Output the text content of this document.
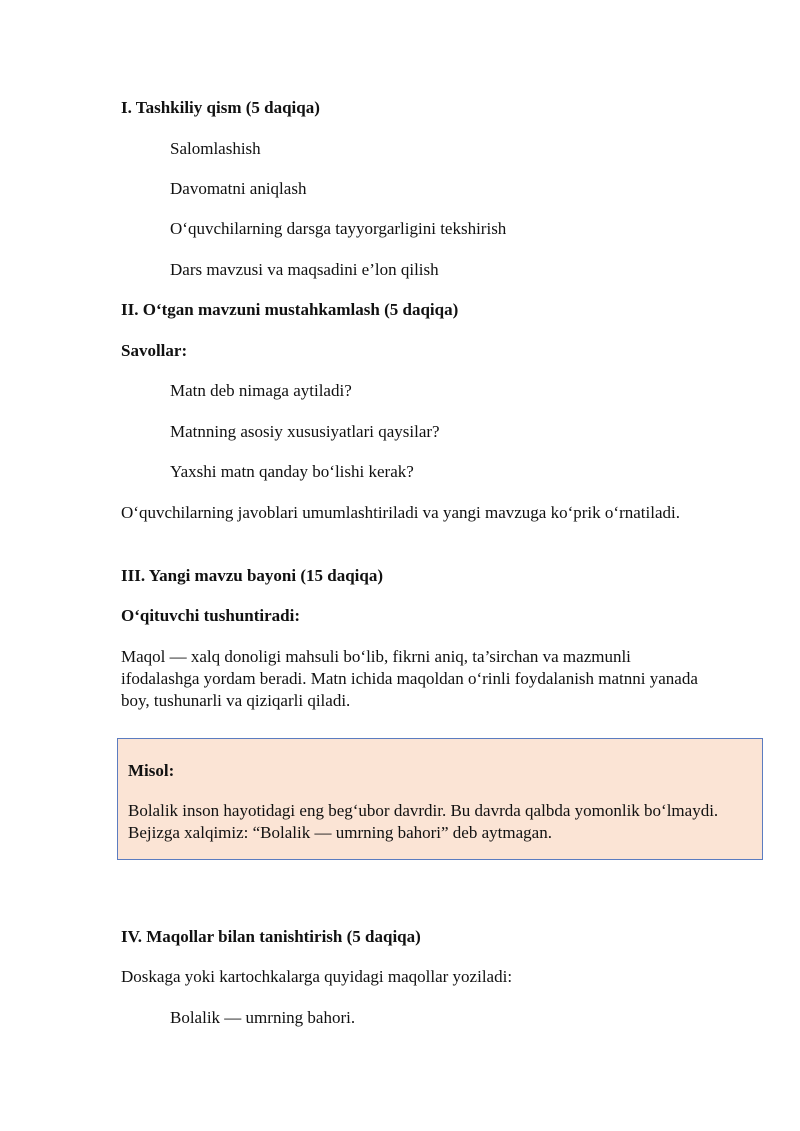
I. Tashkiliy qism (5 daqiqa)

Salomlashish

Davomatni aniqlash

O‘quvchilarning darsga tayyorgarligini tekshirish

Dars mavzusi va maqsadini e’lon qilish

II. O‘tgan mavzuni mustahkamlash (5 daqiqa)

Savollar:

Matn deb nimaga aytiladi?

Matnning asosiy xususiyatlari qaysilar?

Yaxshi matn qanday bo‘lishi kerak?

O‘quvchilarning javoblari umumlashtiriladi va yangi mavzuga ko‘prik o‘rnatiladi.

III. Yangi mavzu bayoni (15 daqiqa)

O‘qituvchi tushuntiradi:

Maqol — xalq donoligi mahsuli bo‘lib, fikrni aniq, ta’sirchan va mazmunli ifodalashga yordam beradi. Matn ichida maqoldan o‘rinli foydalanish matnni yanada boy, tushunarli va qiziqarli qiladi.

Misol:

Bolalik inson hayotidagi eng beg‘ubor davrdir. Bu davrda qalbda yomonlik bo‘lmaydi. Bejizga xalqimiz: “Bolalik — umrning bahori” deb aytmagan.

IV. Maqollar bilan tanishtirish (5 daqiqa)

Doskaga yoki kartochkalarga quyidagi maqollar yoziladi:

Bolalik — umrning bahori.
